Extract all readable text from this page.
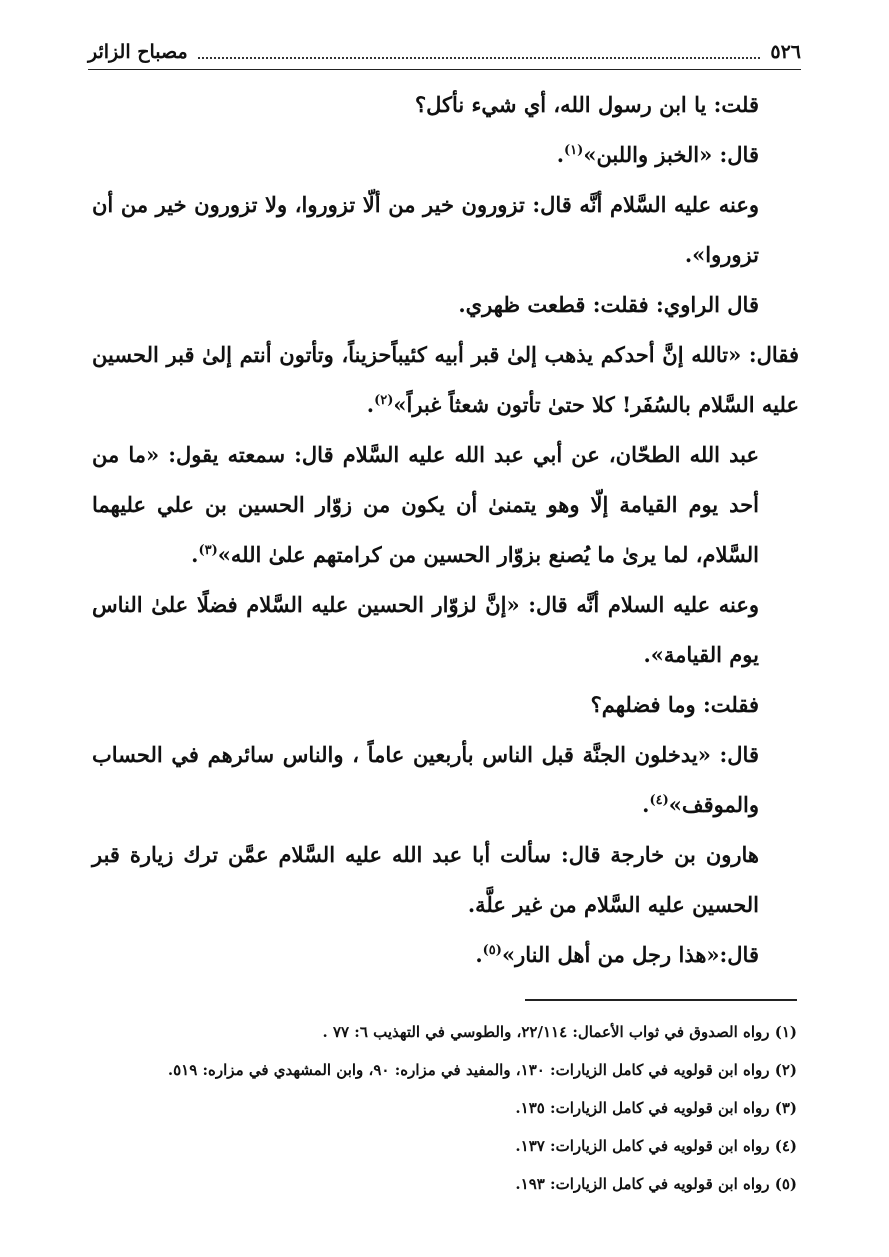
٥٢٦
مصباح الزائر

قلت: يا ابن رسول الله، أي شيء نأكل؟

قال: «الخبز واللبن»$^{(١)}$.

وعنه عليه السَّلام أنَّه قال: تزورون خير من ألّا تزوروا، ولا تزورون خير من أن تزوروا».

قال الراوي: فقلت: قطعت ظهري.

فقال: «تالله إنَّ أحدكم يذهب إلىٰ قبر أبيه كئيباًحزيناً، وتأتون أنتم إلىٰ قبر الحسين عليه السَّلام بالسُفَر! كلا حتىٰ تأتون شعثاً غبراً»$^{(٢)}$.

عبد الله الطحّان، عن أبي عبد الله عليه السَّلام قال: سمعته يقول: «ما من أحد يوم القيامة إلّا وهو يتمنىٰ أن يكون من زوّار الحسين بن علي عليهما السَّلام، لما يرىٰ ما يُصنع بزوّار الحسين من كرامتهم علىٰ الله»$^{(٣)}$.

وعنه عليه السلام أنَّه قال: «إنَّ لزوّار الحسين عليه السَّلام فضلًا علىٰ الناس يوم القيامة».

فقلت: وما فضلهم؟

قال: «يدخلون الجنَّة قبل الناس بأربعين عاماً ، والناس سائرهم في الحساب والموقف»$^{(٤)}$.

هارون بن خارجة قال: سألت أبا عبد الله عليه السَّلام عمَّن ترك زيارة قبر الحسين عليه السَّلام من غير علَّة.

قال:«هذا رجل من أهل النار»$^{(٥)}$.

(١) رواه الصدوق في ثواب الأعمال: ٢٢/١١٤، والطوسي في التهذيب ٦: ٧٧ .
(٢) رواه ابن قولويه في كامل الزيارات: ١٣٠، والمفيد في مزاره: ٩٠، وابن المشهدي في مزاره: ٥١٩.
(٣) رواه ابن قولويه في كامل الزيارات: ١٣٥.
(٤) رواه ابن قولويه في كامل الزيارات: ١٣٧.
(٥) رواه ابن قولويه في كامل الزيارات: ١٩٣.
